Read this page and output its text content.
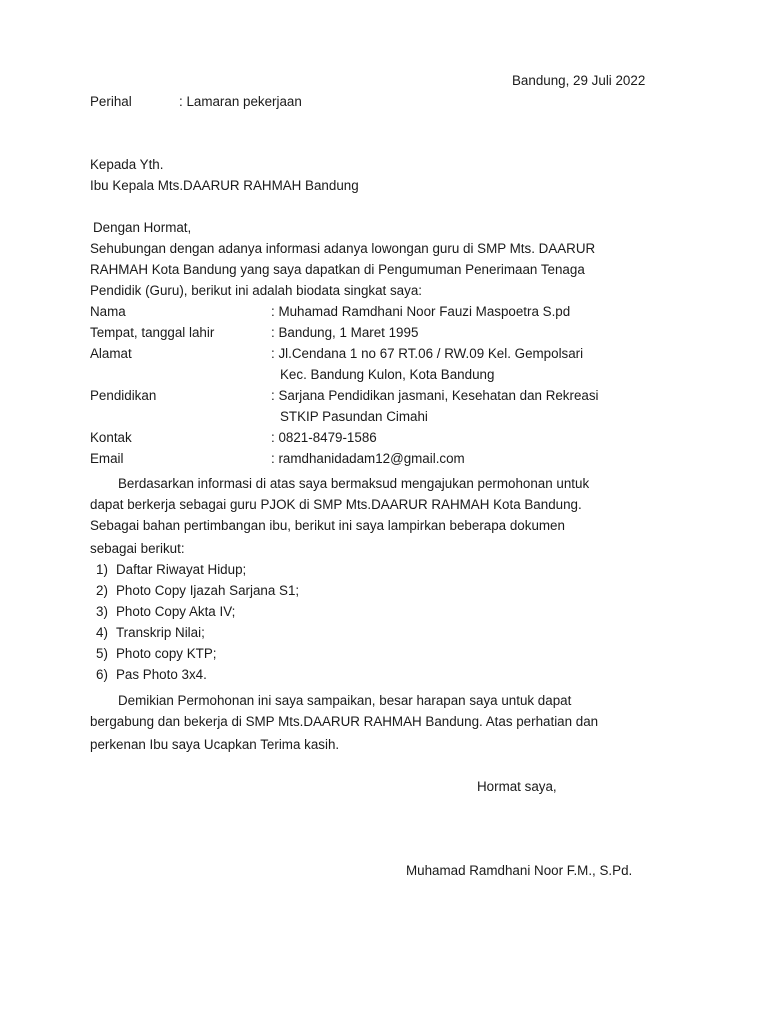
Bandung, 29 Juli 2022
Perihal	: Lamaran pekerjaan
Kepada Yth.
Ibu Kepala Mts.DAARUR RAHMAH Bandung
Dengan Hormat,
Sehubungan dengan adanya informasi adanya lowongan guru di SMP Mts. DAARUR
RAHMAH Kota Bandung yang saya dapatkan di Pengumuman Penerimaan Tenaga
Pendidik (Guru), berikut ini adalah biodata singkat saya:
Nama	: Muhamad Ramdhani Noor Fauzi Maspoetra S.pd
Tempat, tanggal lahir	: Bandung, 1 Maret 1995
Alamat	: Jl.Cendana 1 no 67 RT.06 / RW.09 Kel. Gempolsari
Kec. Bandung Kulon, Kota Bandung
Pendidikan	: Sarjana Pendidikan jasmani, Kesehatan dan Rekreasi
STKIP Pasundan Cimahi
Kontak	: 0821-8479-1586
Email	: ramdhanidadam12@gmail.com
Berdasarkan informasi di atas saya bermaksud mengajukan permohonan untuk
dapat berkerja sebagai guru PJOK di SMP Mts.DAARUR RAHMAH Kota Bandung.
Sebagai bahan pertimbangan ibu, berikut ini saya lampirkan beberapa dokumen
sebagai berikut:
1) Daftar Riwayat Hidup;
2) Photo Copy Ijazah Sarjana S1;
3) Photo Copy Akta IV;
4) Transkrip Nilai;
5) Photo copy KTP;
6) Pas Photo 3x4.
Demikian Permohonan ini saya sampaikan, besar harapan saya untuk dapat
bergabung dan bekerja di SMP Mts.DAARUR RAHMAH Bandung. Atas perhatian dan
perkenan Ibu saya Ucapkan Terima kasih.
Hormat saya,
Muhamad Ramdhani Noor F.M., S.Pd.
